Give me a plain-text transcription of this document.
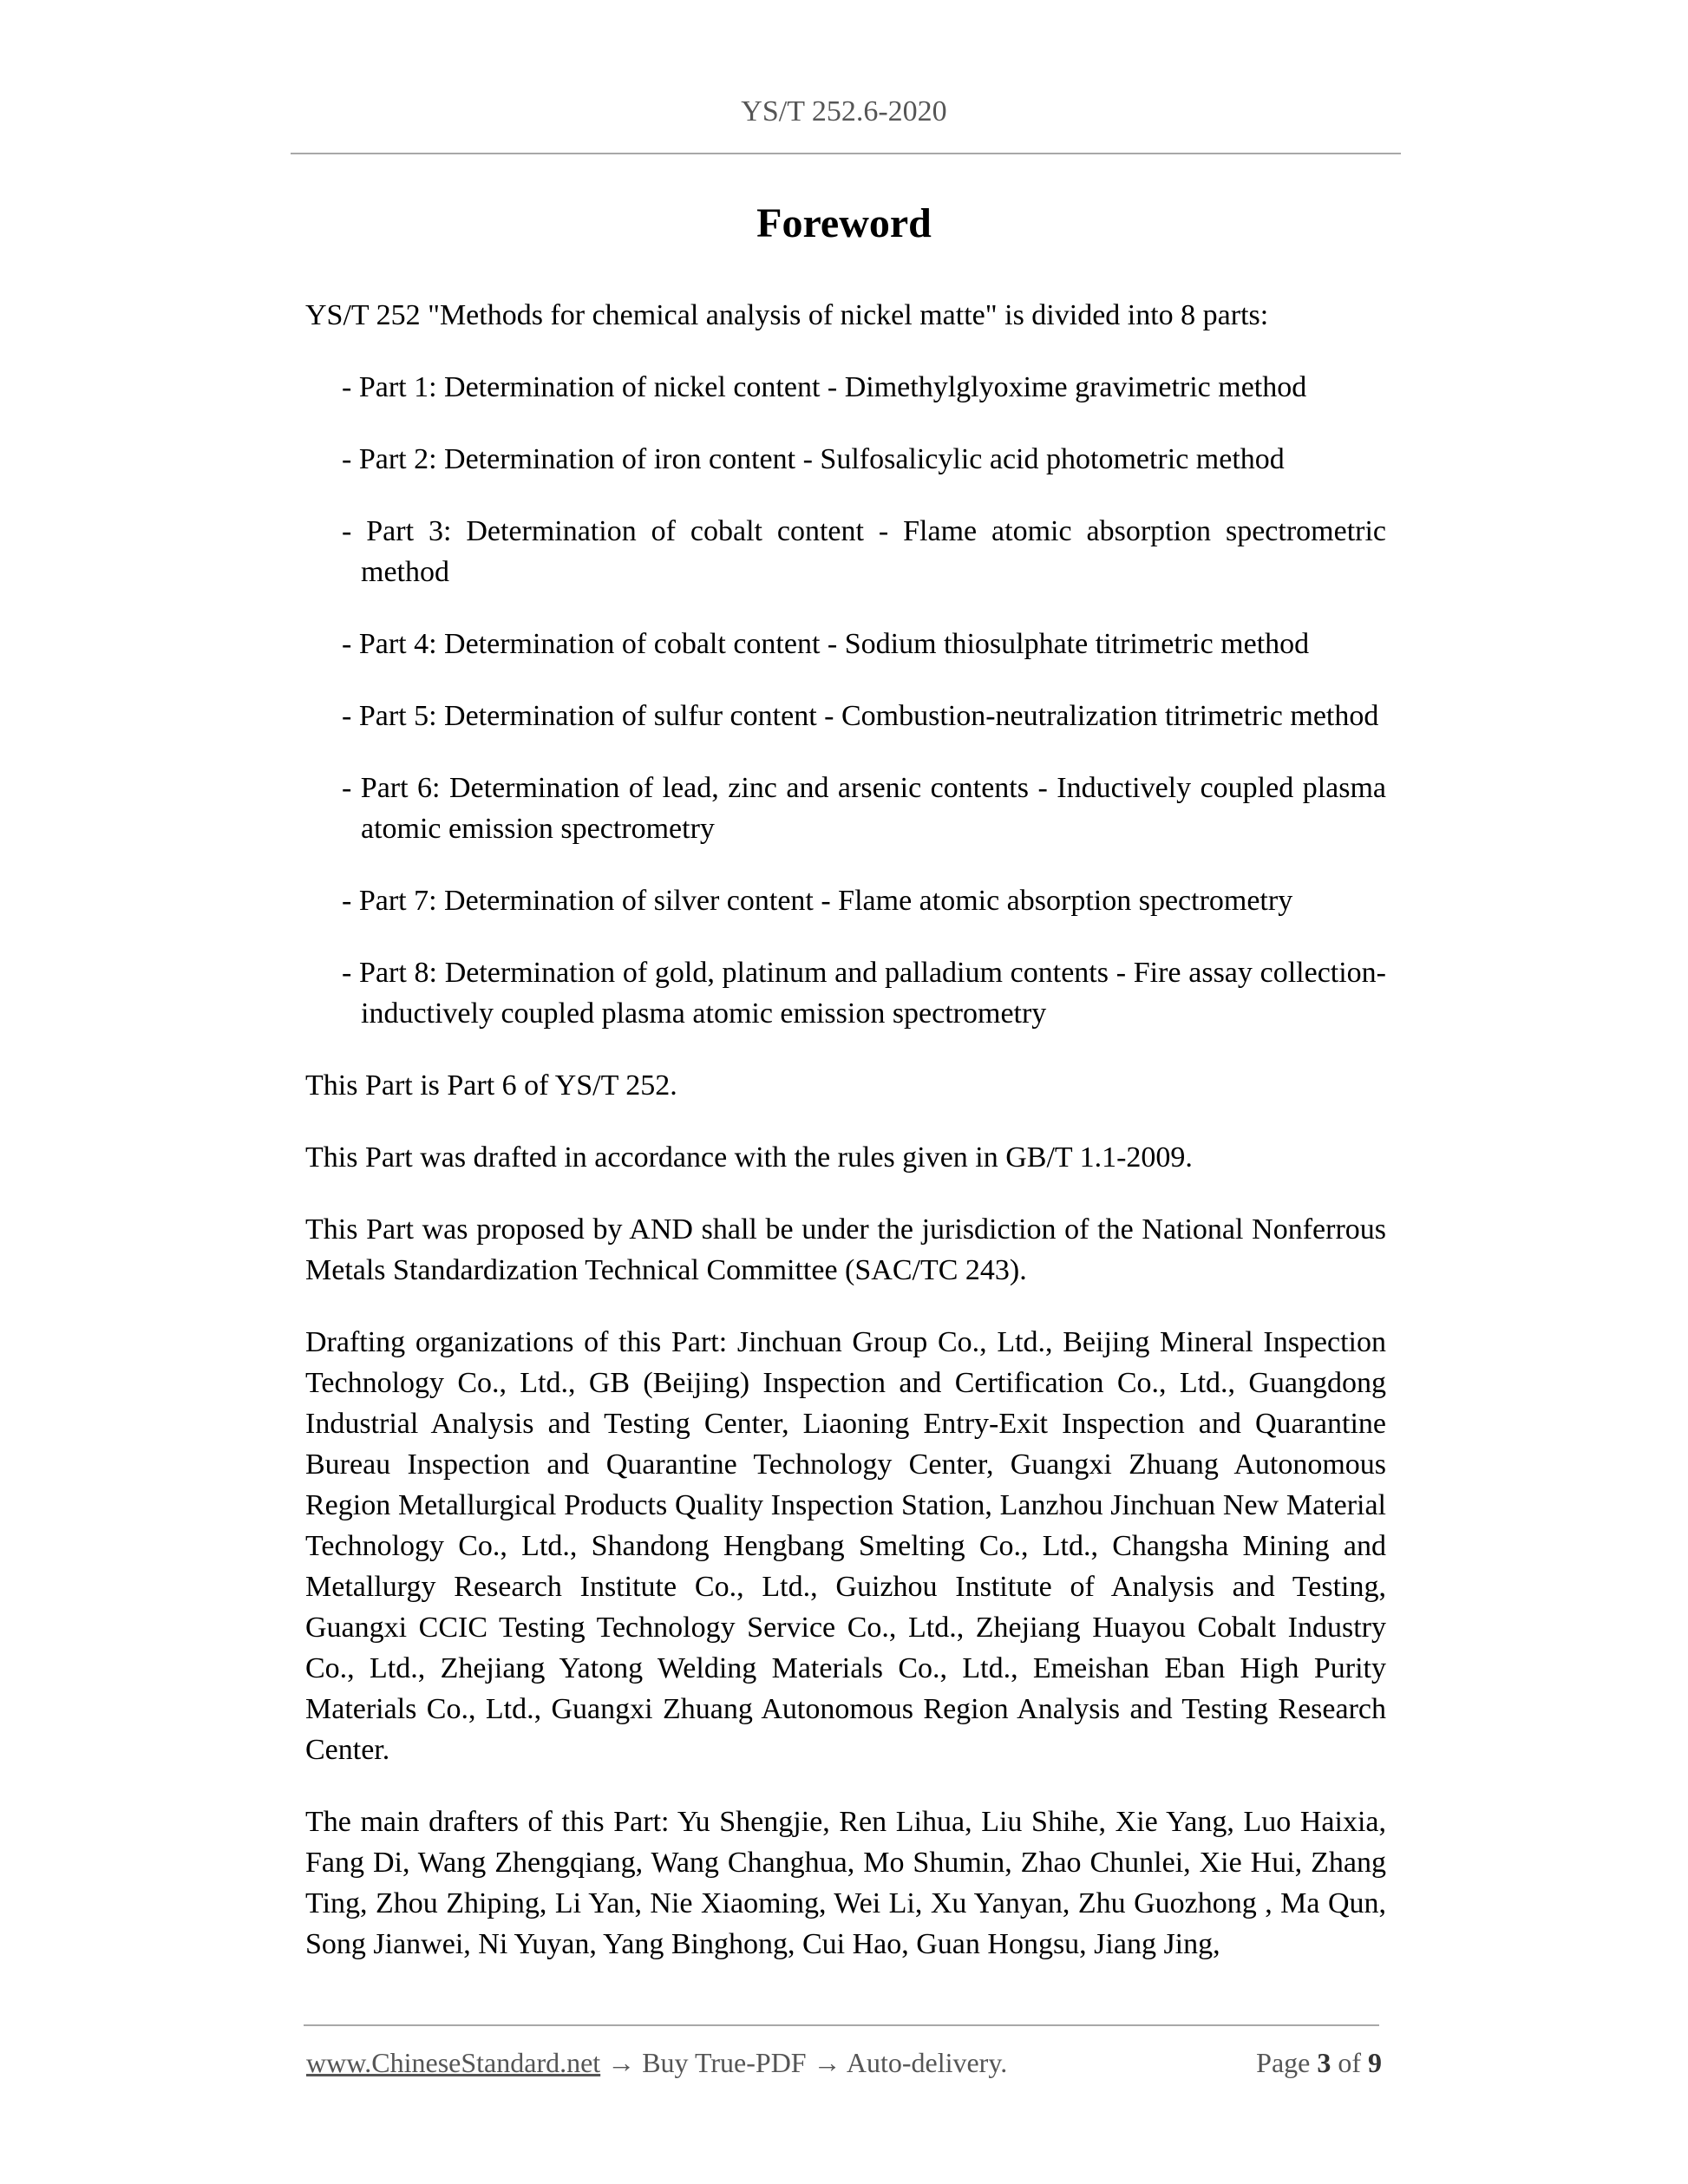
YS/T 252.6-2020
Foreword

YS/T 252 "Methods for chemical analysis of nickel matte" is divided into 8 parts:

- Part 1: Determination of nickel content - Dimethylglyoxime gravimetric method
- Part 2: Determination of iron content - Sulfosalicylic acid photometric method
- Part 3: Determination of cobalt content - Flame atomic absorption spectrometric method
- Part 4: Determination of cobalt content - Sodium thiosulphate titrimetric method
- Part 5: Determination of sulfur content - Combustion-neutralization titrimetric method
- Part 6: Determination of lead, zinc and arsenic contents - Inductively coupled plasma atomic emission spectrometry
- Part 7: Determination of silver content - Flame atomic absorption spectrometry
- Part 8: Determination of gold, platinum and palladium contents - Fire assay collection-inductively coupled plasma atomic emission spectrometry

This Part is Part 6 of YS/T 252.

This Part was drafted in accordance with the rules given in GB/T 1.1-2009.

This Part was proposed by AND shall be under the jurisdiction of the National Nonferrous Metals Standardization Technical Committee (SAC/TC 243).

Drafting organizations of this Part: Jinchuan Group Co., Ltd., Beijing Mineral Inspection Technology Co., Ltd., GB (Beijing) Inspection and Certification Co., Ltd., Guangdong Industrial Analysis and Testing Center, Liaoning Entry-Exit Inspection and Quarantine Bureau Inspection and Quarantine Technology Center, Guangxi Zhuang Autonomous Region Metallurgical Products Quality Inspection Station, Lanzhou Jinchuan New Material Technology Co., Ltd., Shandong Hengbang Smelting Co., Ltd., Changsha Mining and Metallurgy Research Institute Co., Ltd., Guizhou Institute of Analysis and Testing, Guangxi CCIC Testing Technology Service Co., Ltd., Zhejiang Huayou Cobalt Industry Co., Ltd., Zhejiang Yatong Welding Materials Co., Ltd., Emeishan Eban High Purity Materials Co., Ltd., Guangxi Zhuang Autonomous Region Analysis and Testing Research Center.

The main drafters of this Part: Yu Shengjie, Ren Lihua, Liu Shihe, Xie Yang, Luo Haixia, Fang Di, Wang Zhengqiang, Wang Changhua, Mo Shumin, Zhao Chunlei, Xie Hui, Zhang Ting, Zhou Zhiping, Li Yan, Nie Xiaoming, Wei Li, Xu Yanyan, Zhu Guozhong , Ma Qun, Song Jianwei, Ni Yuyan, Yang Binghong, Cui Hao, Guan Hongsu, Jiang Jing,

www.ChineseStandard.net → Buy True-PDF → Auto-delivery.	Page 3 of 9
